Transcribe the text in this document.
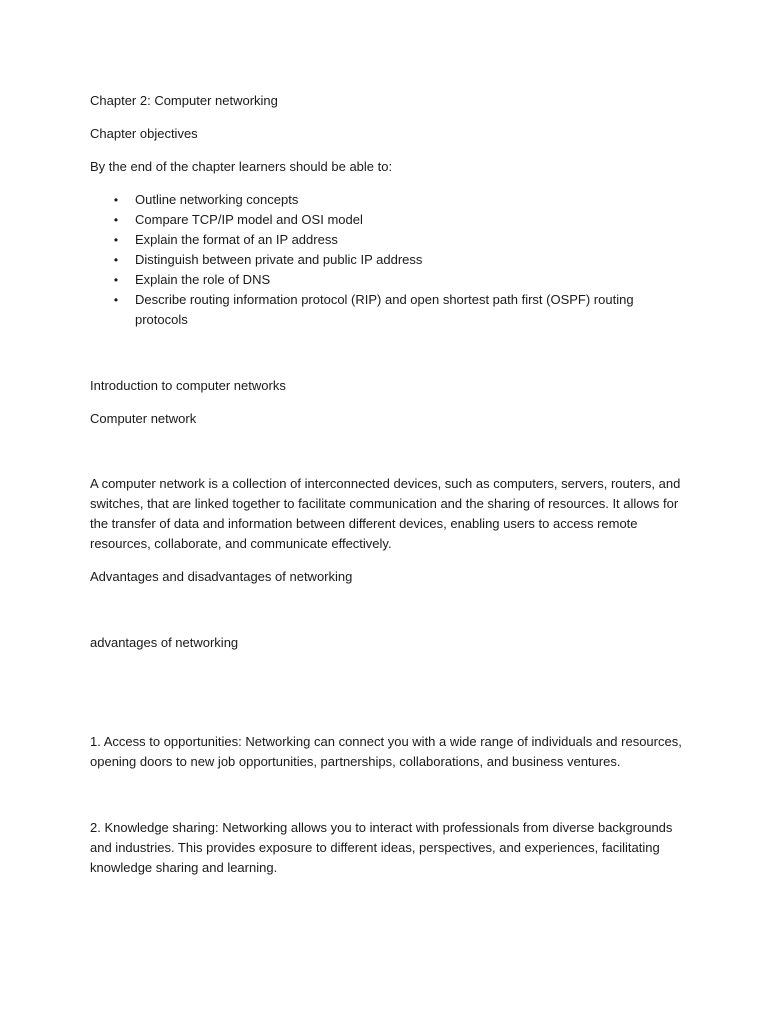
Chapter 2: Computer networking
Chapter objectives
By the end of the chapter learners should be able to:
•	Outline networking concepts
•	Compare TCP/IP model and OSI model
•	Explain the format of an IP address
•	Distinguish between private and public IP address
•	Explain the role of DNS
•	Describe routing information protocol (RIP) and open shortest path first (OSPF) routing protocols
Introduction to computer networks
Computer network
A computer network is a collection of interconnected devices, such as computers, servers, routers, and switches, that are linked together to facilitate communication and the sharing of resources. It allows for the transfer of data and information between different devices, enabling users to access remote resources, collaborate, and communicate effectively.
Advantages and disadvantages of networking
advantages of networking
1. Access to opportunities: Networking can connect you with a wide range of individuals and resources, opening doors to new job opportunities, partnerships, collaborations, and business ventures.
2. Knowledge sharing: Networking allows you to interact with professionals from diverse backgrounds and industries. This provides exposure to different ideas, perspectives, and experiences, facilitating knowledge sharing and learning.
